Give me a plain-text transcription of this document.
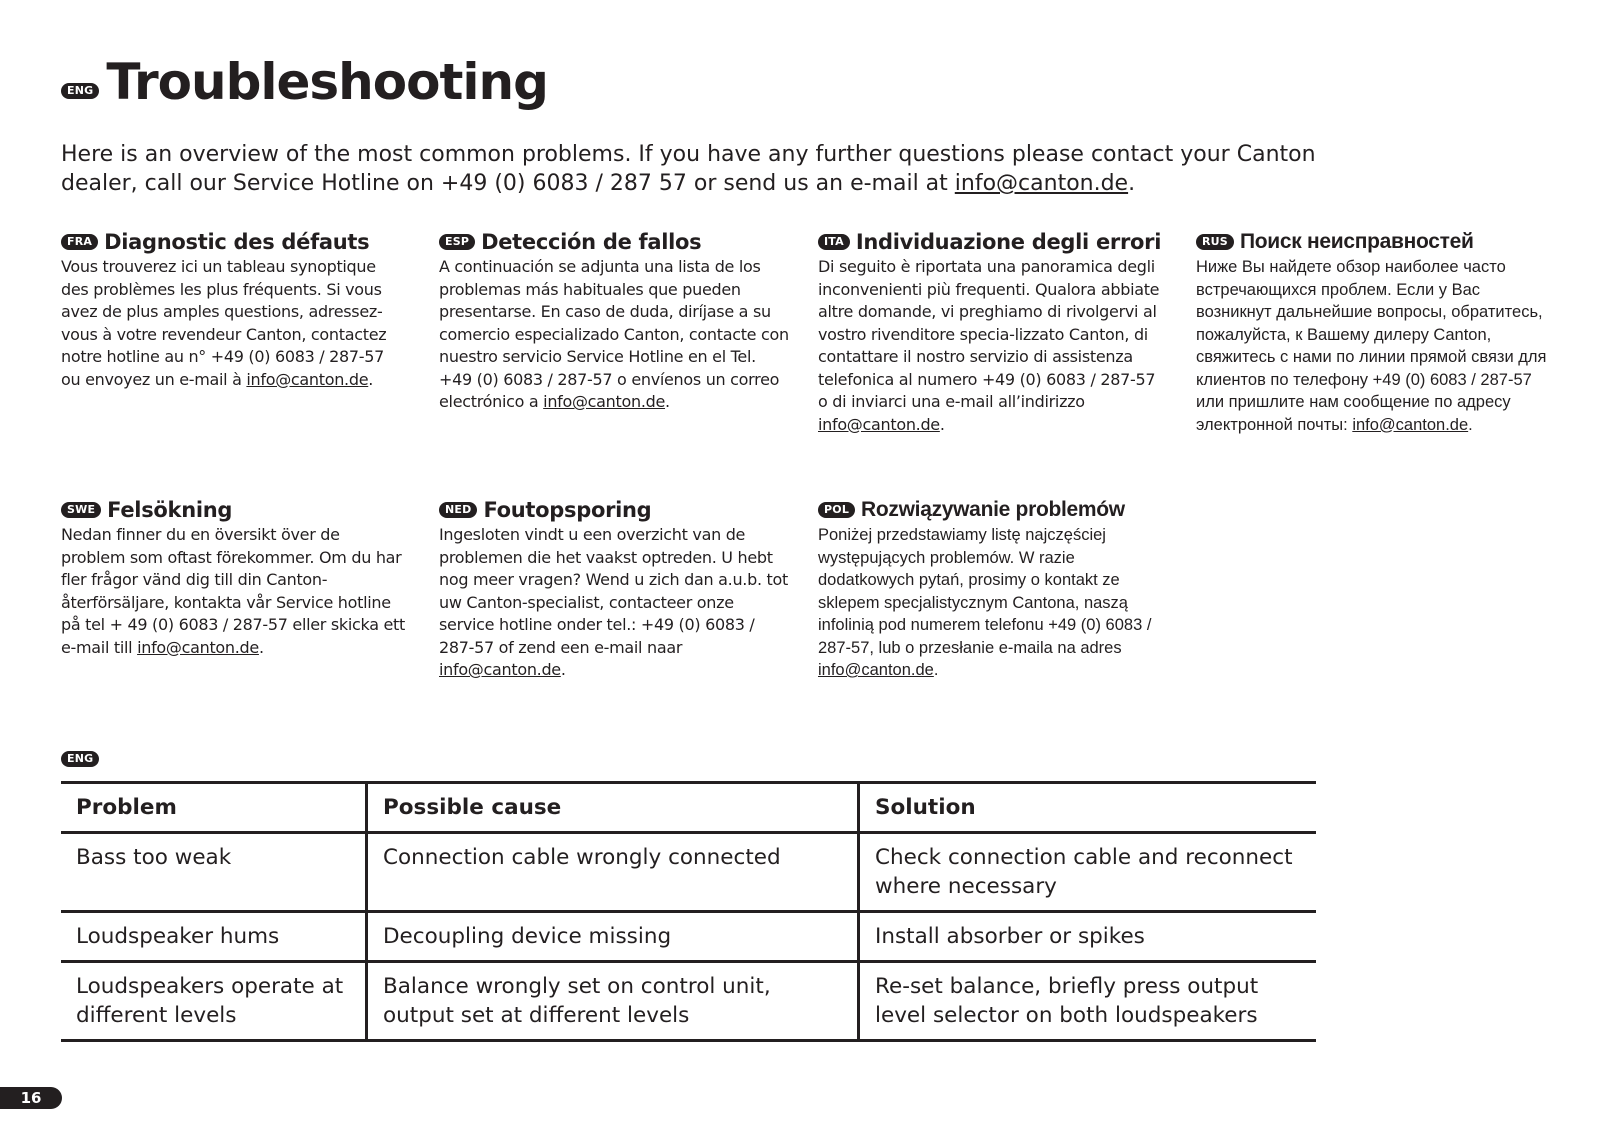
ENG Troubleshooting

Here is an overview of the most common problems. If you have any further questions please contact your Canton dealer, call our Service Hotline on +49 (0) 6083 / 287 57 or send us an e-mail at info@canton.de.

FRA Diagnostic des défauts

Vous trouverez ici un tableau synoptique des problèmes les plus fréquents. Si vous avez de plus amples questions, adressez-vous à votre revendeur Canton, contactez notre hotline au n° +49 (0) 6083 / 287-57 ou envoyez un e-mail à info@canton.de.

ESP Detección de fallos

A continuación se adjunta una lista de los problemas más habituales que pueden presentarse. En caso de duda, diríjase a su comercio especializado Canton, contacte con nuestro servicio Service Hotline en el Tel. +49 (0) 6083 / 287-57 o envíenos un correo electrónico a info@canton.de.

ITA Individuazione degli errori

Di seguito è riportata una panoramica degli inconvenienti più frequenti. Qualora abbiate altre domande, vi preghiamo di rivolgervi al vostro rivenditore specia-lizzato Canton, di contattare il nostro servizio di assistenza telefonica al numero +49 (0) 6083 / 287-57 o di inviarci una e-mail all’indirizzo info@canton.de.

RUS Поиск неисправностей

Ниже Вы найдете обзор наиболее часто встречающихся проблем. Если у Вас возникнут дальнейшие вопросы, обратитесь, пожалуйста, к Вашему дилеру Canton, свяжитесь с нами по линии прямой связи для клиентов по телефону +49 (0) 6083 / 287-57 или пришлите нам сообщение по адресу электронной почты: info@canton.de.

SWE Felsökning

Nedan finner du en översikt över de problem som oftast förekommer. Om du har fler frågor vänd dig till din Canton-återförsäljare, kontakta vår Service hotline på tel + 49 (0) 6083 / 287-57 eller skicka ett e-mail till info@canton.de.

NED Foutopsporing

Ingesloten vindt u een overzicht van de problemen die het vaakst optreden. U hebt nog meer vragen? Wend u zich dan a.u.b. tot uw Canton-specialist, contacteer onze service hotline onder tel.: +49 (0) 6083 / 287-57 of zend een e-mail naar info@canton.de.

POL Rozwiązywanie problemów

Poniżej przedstawiamy listę najczęściej występujących problemów. W razie dodatkowych pytań, prosimy o kontakt ze sklepem specjalistycznym Cantona, naszą infolinią pod numerem telefonu +49 (0) 6083 / 287-57, lub o przesłanie e-maila na adres info@canton.de.

ENG
Problem	Possible cause	Solution
Bass too weak	Connection cable wrongly connected	Check connection cable and reconnect where necessary
Loudspeaker hums	Decoupling device missing	Install absorber or spikes
Loudspeakers operate at different levels	Balance wrongly set on control unit, output set at different levels	Re-set balance, briefly press output level selector on both loudspeakers
16
